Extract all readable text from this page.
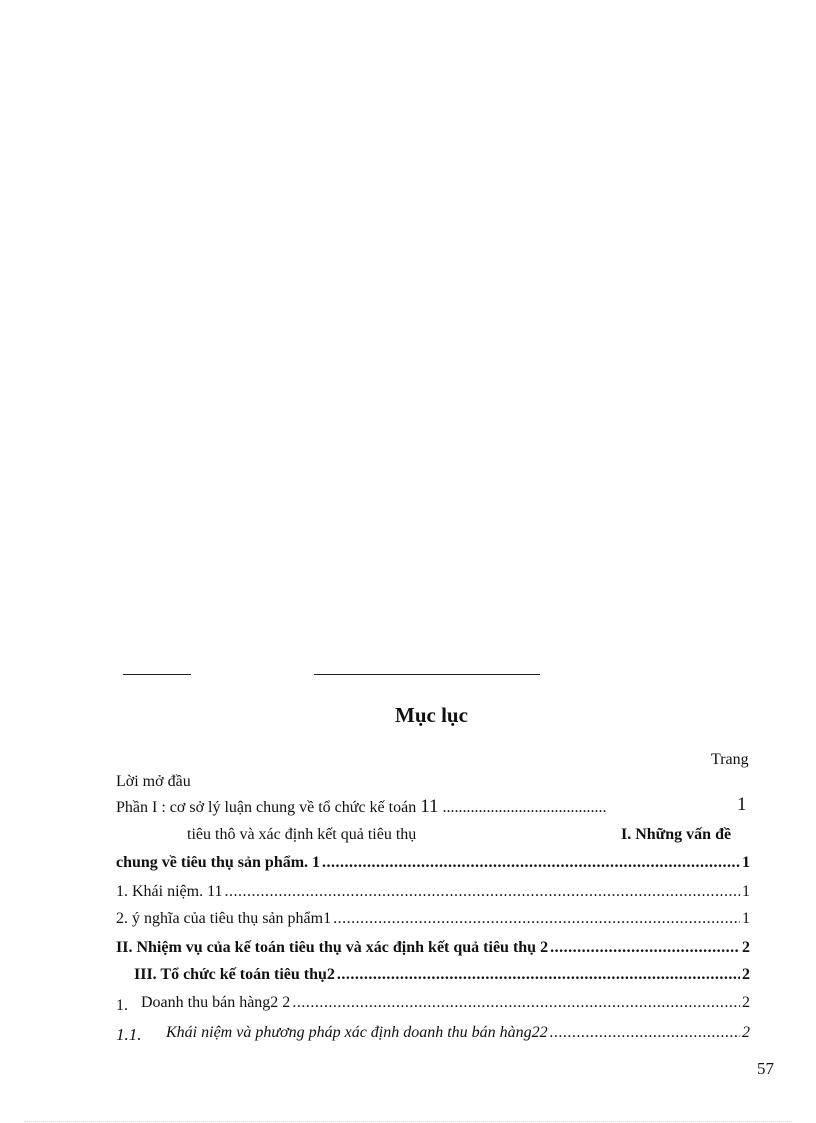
Mục lục
Trang
Lời mở đầu
Phần I : cơ sở lý luận chung về tổ chức kế toán 11 .........................................	1
tiêu thô và xác định kết quả tiêu thụ	I. Những vấn đề
chung về tiêu thụ sản phẩm. 1 .....	1
1. Khái niệm. 11 .....	1
2. ý nghĩa của tiêu thụ sản phẩm1 .....	1
II. Nhiệm vụ của kế toán tiêu thụ và xác định kết quả tiêu thụ 2 .....	2
III. Tổ chức kế toán tiêu thụ2 .....	2
1. Doanh thu bán hàng2 2 .....	2
1.1.	Khái niệm và phương pháp xác định doanh thu bán hàng22 .....	2
57
